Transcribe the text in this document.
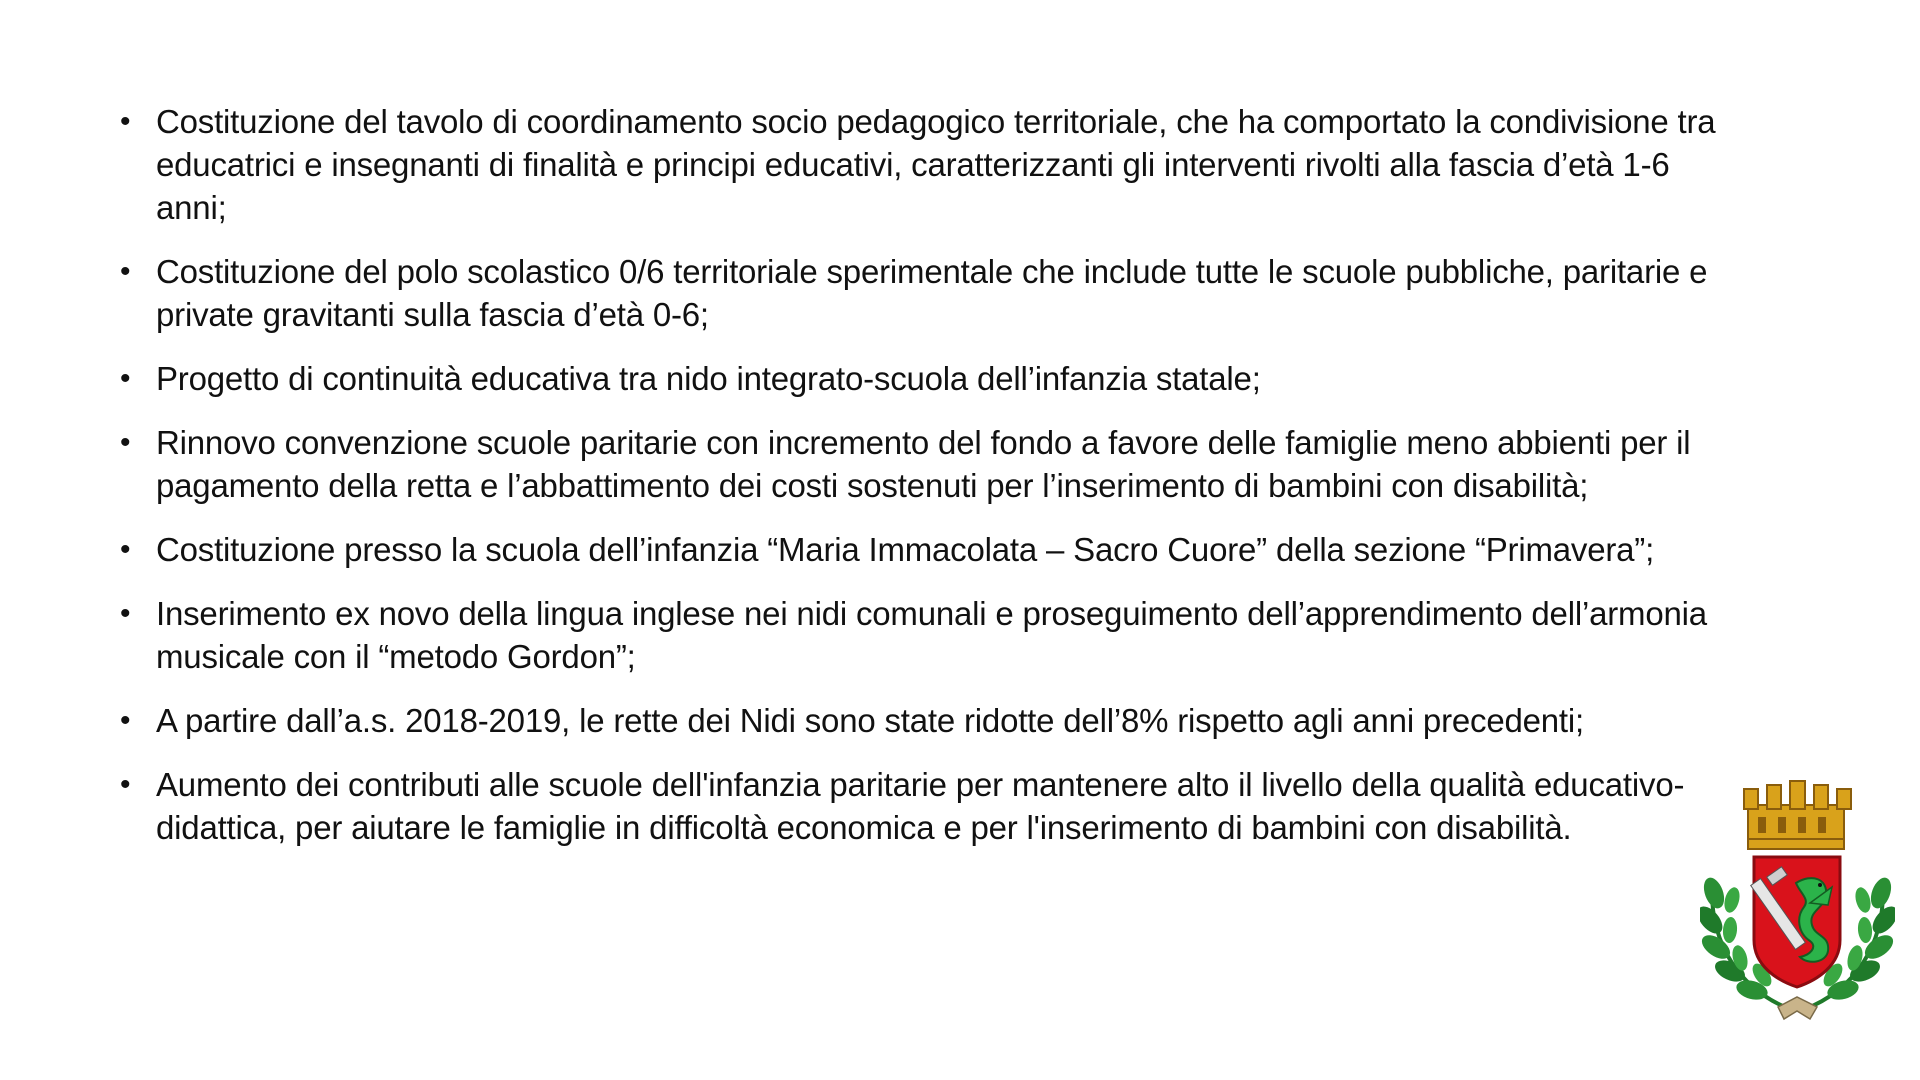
• Costituzione del tavolo di coordinamento socio pedagogico territoriale, che ha comportato la condivisione tra educatrici e insegnanti di finalità e principi educativi, caratterizzanti gli interventi rivolti alla fascia d’età 1-6 anni;
• Costituzione del polo scolastico 0/6 territoriale sperimentale che include tutte le scuole pubbliche, paritarie e private gravitanti sulla fascia d’età 0-6;
• Progetto di continuità educativa tra nido integrato-scuola dell’infanzia statale;
• Rinnovo convenzione scuole paritarie con incremento del fondo a favore delle famiglie meno abbienti per il pagamento della retta e l’abbattimento dei costi sostenuti per l’inserimento di bambini con disabilità;
• Costituzione presso la scuola dell’infanzia “Maria Immacolata – Sacro Cuore” della sezione “Primavera”;
• Inserimento ex novo della lingua inglese nei nidi comunali e proseguimento dell’apprendimento dell’armonia musicale con il “metodo Gordon”;
• A partire dall’a.s. 2018-2019, le rette dei Nidi sono state ridotte dell’8% rispetto agli anni precedenti;
• Aumento dei contributi alle scuole dell'infanzia paritarie per mantenere alto il livello della qualità educativo-didattica, per aiutare le famiglie in difficoltà economica e per l'inserimento di bambini con disabilità.
